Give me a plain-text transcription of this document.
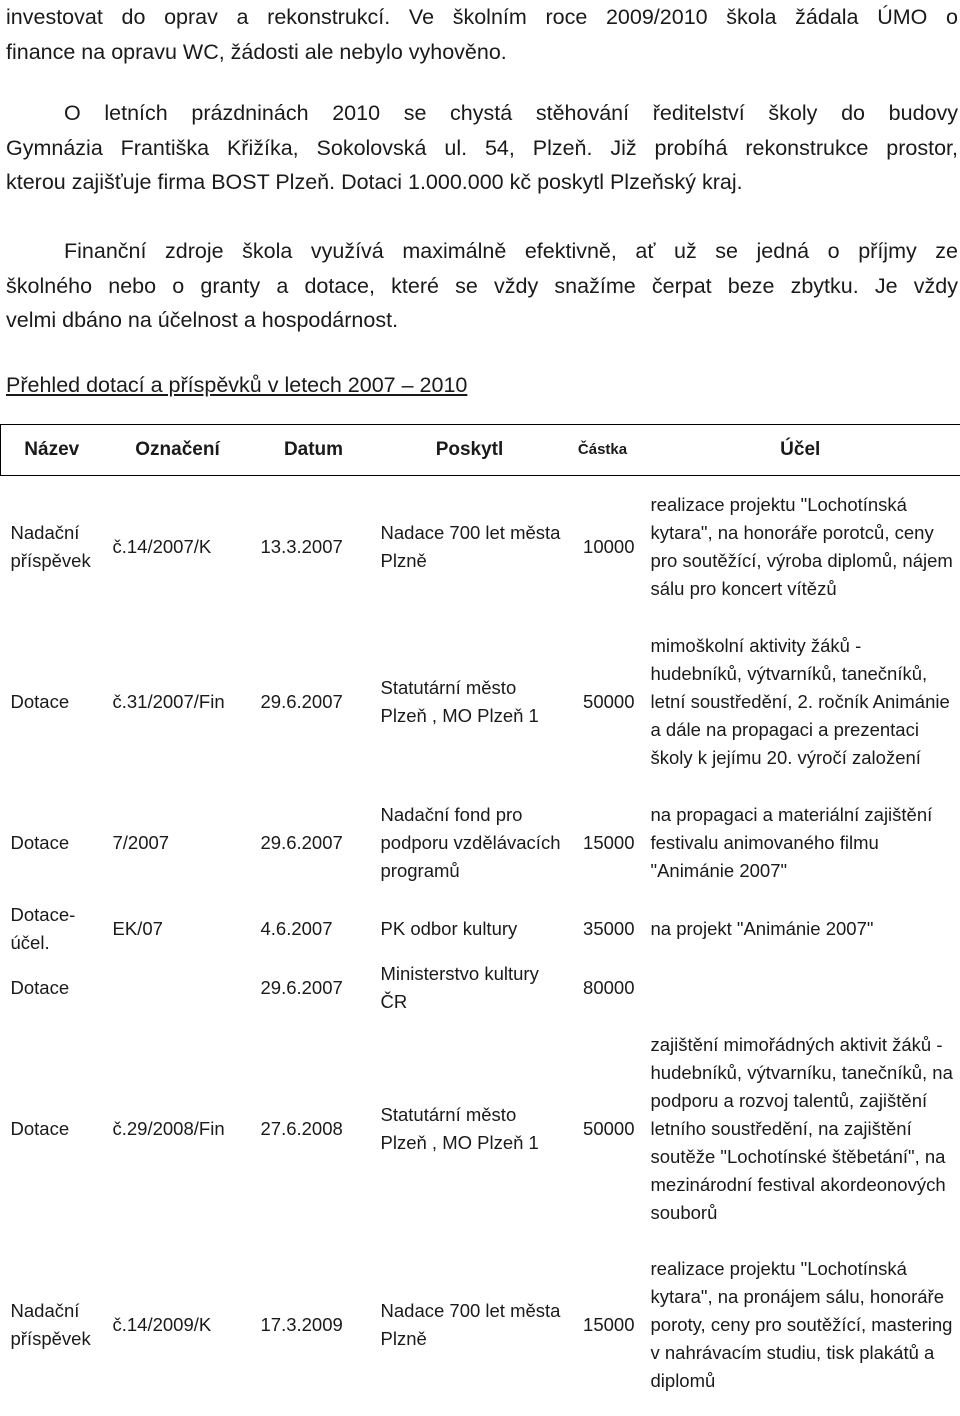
investovat do oprav a rekonstrukcí. Ve školním roce 2009/2010 škola žádala ÚMO o
finance na opravu WC, žádosti ale nebylo vyhověno.
O letních prázdninách 2010 se chystá stěhování ředitelství školy do budovy
Gymnázia Františka Křižíka, Sokolovská ul. 54, Plzeň. Již probíhá rekonstrukce prostor,
kterou zajišťuje firma BOST Plzeň. Dotaci 1.000.000 kč poskytl Plzeňský kraj.
Finanční zdroje škola využívá maximálně efektivně, ať už se jedná o příjmy ze
školného nebo o granty a dotace, které se vždy snažíme čerpat beze zbytku. Je vždy
velmi dbáno na účelnost a hospodárnost.
Přehled dotací a příspěvků v letech 2007 – 2010
Název	Označení	Datum	Poskytl	Částka	Účel
Nadační příspěvek	č.14/2007/K	13.3.2007	Nadace 700 let města Plzně	10000	realizace projektu "Lochotínská kytara", na honoráře porotců, ceny pro soutěžící, výroba diplomů, nájem sálu pro koncert vítězů
Dotace	č.31/2007/Fin	29.6.2007	Statutární město Plzeň , MO Plzeň 1	50000	mimoškolní aktivity žáků - hudebníků, výtvarníků, tanečníků, letní soustředění, 2. ročník Animánie a dále na propagaci a prezentaci školy k jejímu 20. výročí založení
Dotace	7/2007	29.6.2007	Nadační fond pro podporu vzdělávacích programů	15000	na propagaci a materiální zajištění festivalu animovaného filmu "Animánie 2007"
Dotace-účel.	EK/07	4.6.2007	PK odbor kultury	35000	na projekt "Animánie 2007"
Dotace		29.6.2007	Ministerstvo kultury ČR	80000	
Dotace	č.29/2008/Fin	27.6.2008	Statutární město Plzeň , MO Plzeň 1	50000	zajištění mimořádných aktivit žáků - hudebníků, výtvarníku, tanečníků, na podporu a rozvoj talentů, zajištění letního soustředění, na zajištění soutěže "Lochotínské štěbetání", na mezinárodní festival akordeonových souborů
Nadační příspěvek	č.14/2009/K	17.3.2009	Nadace 700 let města Plzně	15000	realizace projektu "Lochotínská kytara", na pronájem sálu, honoráře poroty, ceny pro soutěžící, mastering v nahrávacím studiu, tisk plakátů a diplomů
